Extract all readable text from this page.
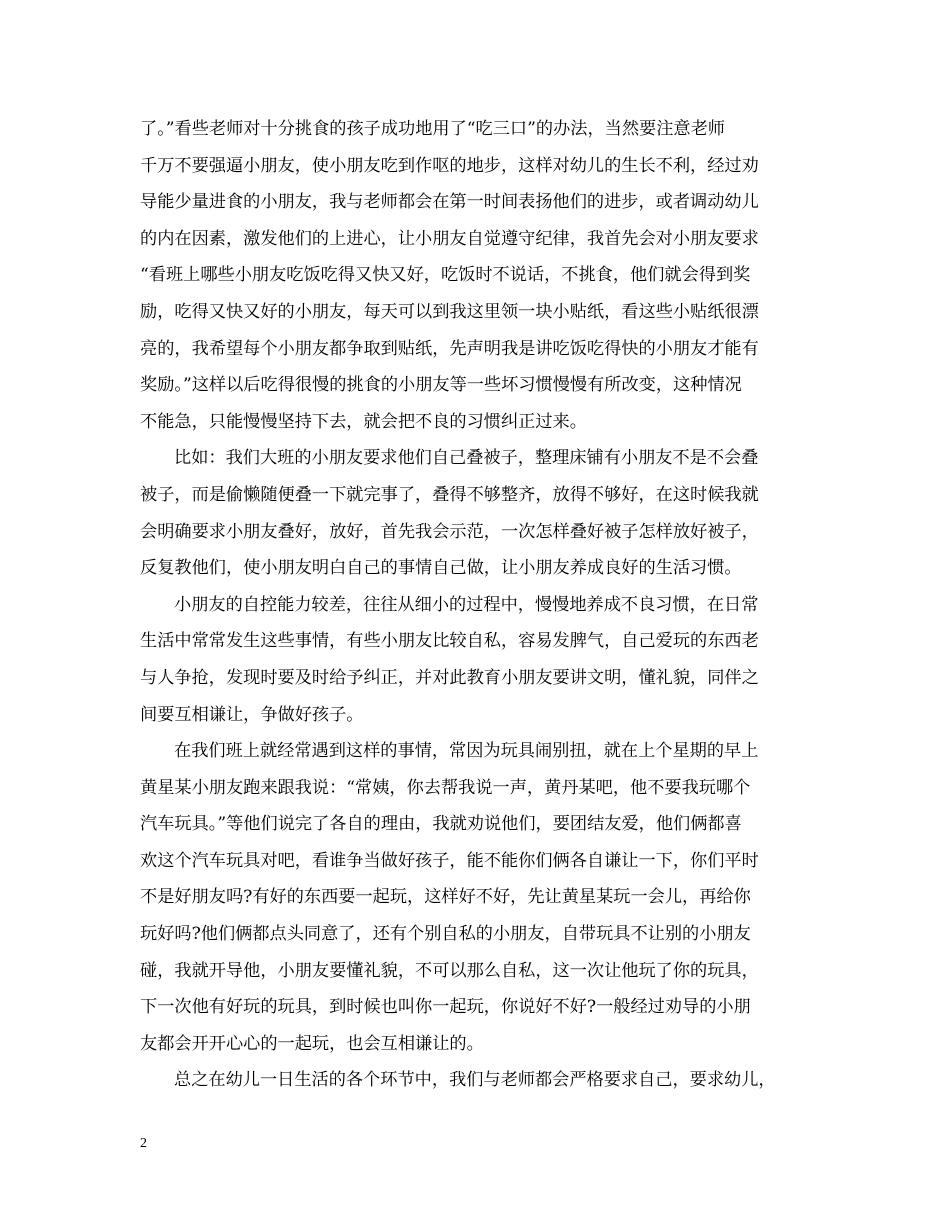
了。”看些老师对十分挑食的孩子成功地用了“吃三口”的办法，当然要注意老师
千万不要强逼小朋友，使小朋友吃到作呕的地步，这样对幼儿的生长不利，经过劝
导能少量进食的小朋友，我与老师都会在第一时间表扬他们的进步，或者调动幼儿
的内在因素，激发他们的上进心，让小朋友自觉遵守纪律，我首先会对小朋友要求
“看班上哪些小朋友吃饭吃得又快又好，吃饭时不说话，不挑食，他们就会得到奖
励，吃得又快又好的小朋友，每天可以到我这里领一块小贴纸，看这些小贴纸很漂
亮的，我希望每个小朋友都争取到贴纸，先声明我是讲吃饭吃得快的小朋友才能有
奖励。”这样以后吃得很慢的挑食的小朋友等一些坏习惯慢慢有所改变，这种情况
不能急，只能慢慢坚持下去，就会把不良的习惯纠正过来。
比如：我们大班的小朋友要求他们自己叠被子，整理床铺有小朋友不是不会叠
被子，而是偷懒随便叠一下就完事了，叠得不够整齐，放得不够好，在这时候我就
会明确要求小朋友叠好，放好，首先我会示范，一次怎样叠好被子怎样放好被子，
反复教他们，使小朋友明白自己的事情自己做，让小朋友养成良好的生活习惯。
小朋友的自控能力较差，往往从细小的过程中，慢慢地养成不良习惯，在日常
生活中常常发生这些事情，有些小朋友比较自私，容易发脾气，自己爱玩的东西老
与人争抢，发现时要及时给予纠正，并对此教育小朋友要讲文明，懂礼貌，同伴之
间要互相谦让，争做好孩子。
在我们班上就经常遇到这样的事情，常因为玩具闹别扭，就在上个星期的早上
黄星某小朋友跑来跟我说：“常姨，你去帮我说一声，黄丹某吧，他不要我玩哪个
汽车玩具。”等他们说完了各自的理由，我就劝说他们，要团结友爱，他们俩都喜
欢这个汽车玩具对吧，看谁争当做好孩子，能不能你们俩各自谦让一下，你们平时
不是好朋友吗?有好的东西要一起玩，这样好不好，先让黄星某玩一会儿，再给你
玩好吗?他们俩都点头同意了，还有个别自私的小朋友，自带玩具不让别的小朋友
碰，我就开导他，小朋友要懂礼貌，不可以那么自私，这一次让他玩了你的玩具，
下一次他有好玩的玩具，到时候也叫你一起玩，你说好不好?一般经过劝导的小朋
友都会开开心心的一起玩，也会互相谦让的。
总之在幼儿一日生活的各个环节中，我们与老师都会严格要求自己，要求幼儿，
2
